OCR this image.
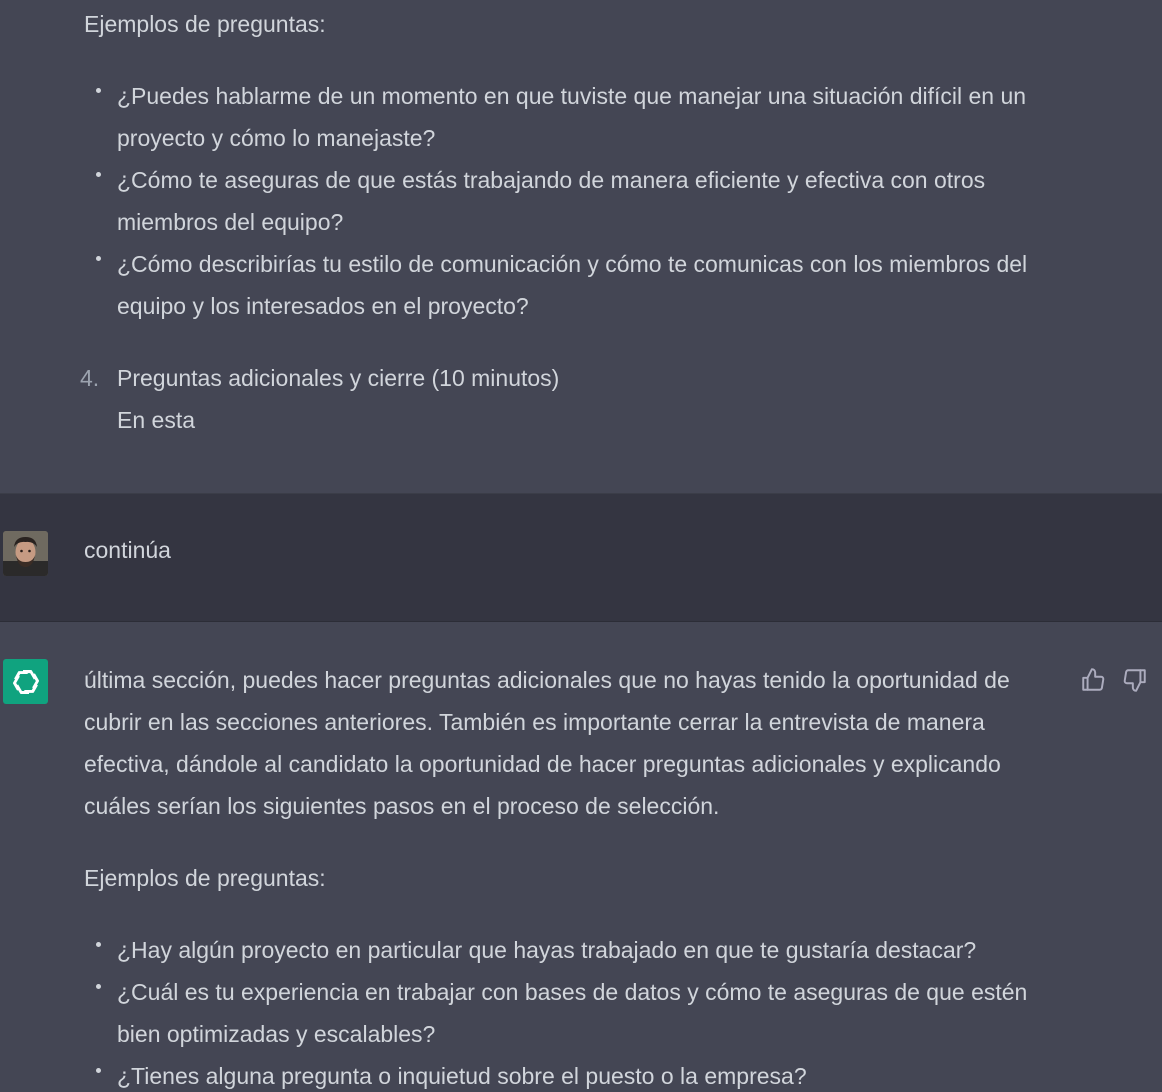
Ejemplos de preguntas:

¿Puedes hablarme de un momento en que tuviste que manejar una situación difícil en un proyecto y cómo lo manejaste?
¿Cómo te aseguras de que estás trabajando de manera eficiente y efectiva con otros miembros del equipo?
¿Cómo describirías tu estilo de comunicación y cómo te comunicas con los miembros del equipo y los interesados en el proyecto?
4. Preguntas adicionales y cierre (10 minutos)
En esta

continúa

última sección, puedes hacer preguntas adicionales que no hayas tenido la oportunidad de cubrir en las secciones anteriores. También es importante cerrar la entrevista de manera efectiva, dándole al candidato la oportunidad de hacer preguntas adicionales y explicando cuáles serían los siguientes pasos en el proceso de selección.

Ejemplos de preguntas:

¿Hay algún proyecto en particular que hayas trabajado en que te gustaría destacar?
¿Cuál es tu experiencia en trabajar con bases de datos y cómo te aseguras de que estén bien optimizadas y escalables?
¿Tienes alguna pregunta o inquietud sobre el puesto o la empresa?
